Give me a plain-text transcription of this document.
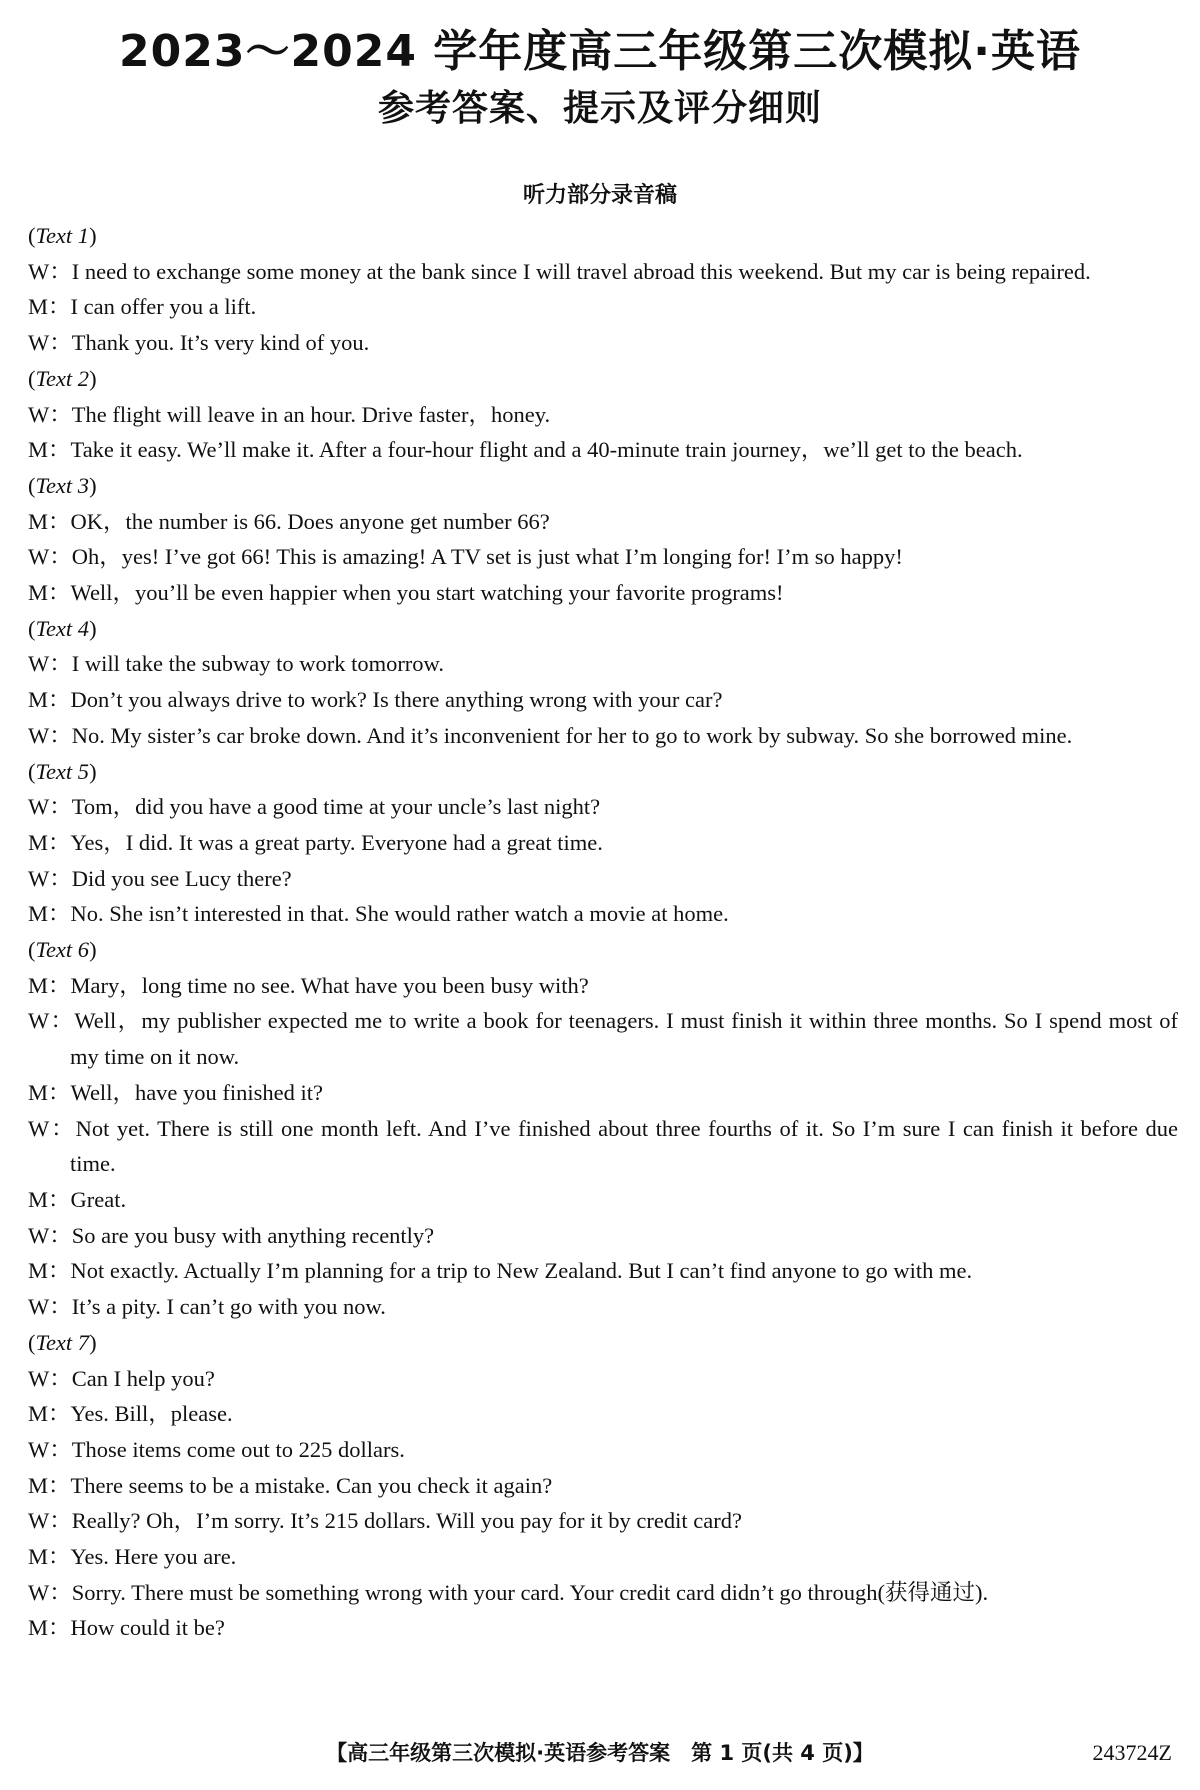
2023～2024 学年度高三年级第三次模拟·英语
参考答案、提示及评分细则
听力部分录音稿
(Text 1)
W：I need to exchange some money at the bank since I will travel abroad this weekend. But my car is being repaired.
M：I can offer you a lift.
W：Thank you. It’s very kind of you.
(Text 2)
W：The flight will leave in an hour. Drive faster，honey.
M：Take it easy. We’ll make it. After a four-hour flight and a 40-minute train journey，we’ll get to the beach.
(Text 3)
M：OK，the number is 66. Does anyone get number 66?
W：Oh，yes! I’ve got 66! This is amazing! A TV set is just what I’m longing for! I’m so happy!
M：Well，you’ll be even happier when you start watching your favorite programs!
(Text 4)
W：I will take the subway to work tomorrow.
M：Don’t you always drive to work? Is there anything wrong with your car?
W：No. My sister’s car broke down. And it’s inconvenient for her to go to work by subway. So she borrowed mine.
(Text 5)
W：Tom，did you have a good time at your uncle’s last night?
M：Yes，I did. It was a great party. Everyone had a great time.
W：Did you see Lucy there?
M：No. She isn’t interested in that. She would rather watch a movie at home.
(Text 6)
M：Mary，long time no see. What have you been busy with?
W：Well，my publisher expected me to write a book for teenagers. I must finish it within three months. So I spend most of my time on it now.
M：Well，have you finished it?
W：Not yet. There is still one month left. And I’ve finished about three fourths of it. So I’m sure I can finish it before due time.
M：Great.
W：So are you busy with anything recently?
M：Not exactly. Actually I’m planning for a trip to New Zealand. But I can’t find anyone to go with me.
W：It’s a pity. I can’t go with you now.
(Text 7)
W：Can I help you?
M：Yes. Bill，please.
W：Those items come out to 225 dollars.
M：There seems to be a mistake. Can you check it again?
W：Really? Oh，I’m sorry. It’s 215 dollars. Will you pay for it by credit card?
M：Yes. Here you are.
W：Sorry. There must be something wrong with your card. Your credit card didn’t go through(获得通过).
M：How could it be?
【高三年级第三次模拟·英语参考答案　第 1 页(共 4 页)】	243724Z
